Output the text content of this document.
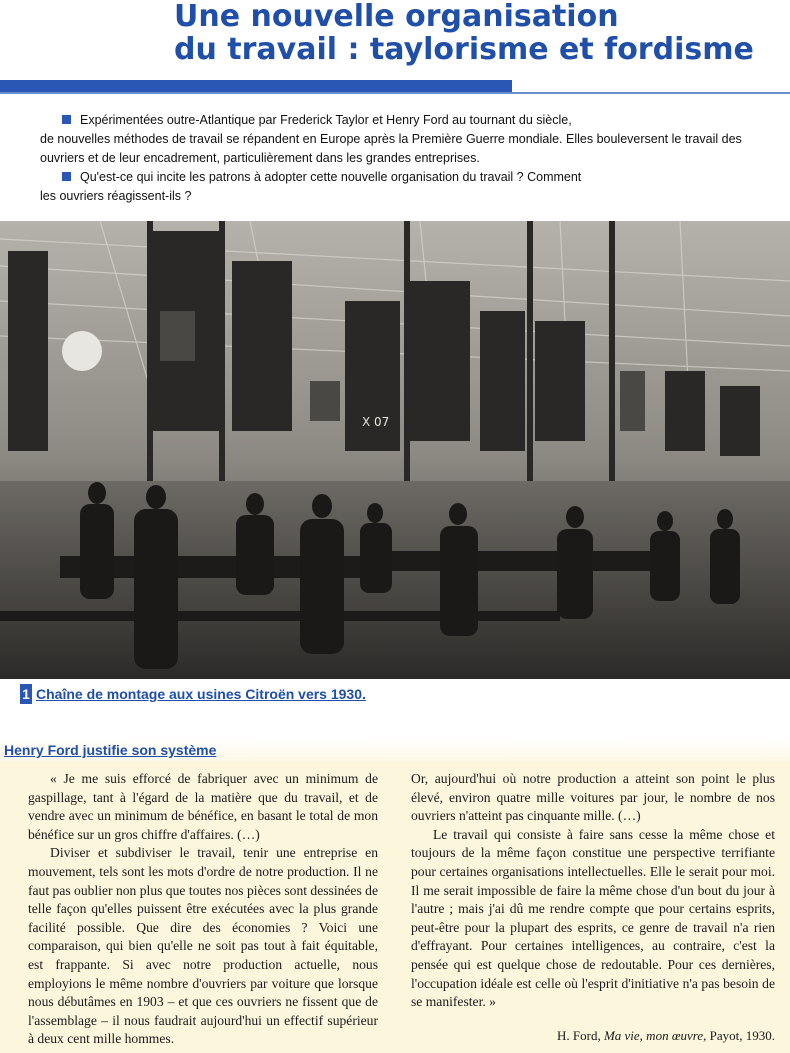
Une nouvelle organisation
du travail : taylorisme et fordisme

Expérimentées outre-Atlantique par Frederick Taylor et Henry Ford au tournant du siècle,

de nouvelles méthodes de travail se répandent en Europe après la Première Guerre mondiale. Elles bouleversent le travail des ouvriers et de leur encadrement, particulièrement dans les grandes entreprises.

Qu'est-ce qui incite les patrons à adopter cette nouvelle organisation du travail ? Comment

les ouvriers réagissent-ils ?

X 07
1 Chaîne de montage aux usines Citroën vers 1930.
Henry Ford justifie son système

« Je me suis efforcé de fabriquer avec un minimum de gaspillage, tant à l'égard de la matière que du travail, et de vendre avec un minimum de bénéfice, en basant le total de mon bénéfice sur un gros chiffre d'affaires. (…)

Diviser et subdiviser le travail, tenir une entreprise en mouvement, tels sont les mots d'ordre de notre production. Il ne faut pas oublier non plus que toutes nos pièces sont dessinées de telle façon qu'elles puissent être exécutées avec la plus grande facilité possible. Que dire des économies ? Voici une comparaison, qui bien qu'elle ne soit pas tout à fait équitable, est frappante. Si avec notre production actuelle, nous employions le même nombre d'ouvriers par voiture que lorsque nous débutâmes en 1903 – et que ces ouvriers ne fissent que de l'assemblage – il nous faudrait aujourd'hui un effectif supérieur à deux cent mille hommes.

Or, aujourd'hui où notre production a atteint son point le plus élevé, environ quatre mille voitures par jour, le nombre de nos ouvriers n'atteint pas cinquante mille. (…)

Le travail qui consiste à faire sans cesse la même chose et toujours de la même façon constitue une perspective terrifiante pour certaines organisations intellectuelles. Elle le serait pour moi. Il me serait impossible de faire la même chose d'un bout du jour à l'autre ; mais j'ai dû me rendre compte que pour certains esprits, peut-être pour la plupart des esprits, ce genre de travail n'a rien d'effrayant. Pour certaines intelligences, au contraire, c'est la pensée qui est quelque chose de redoutable. Pour ces dernières, l'occupation idéale est celle où l'esprit d'initiative n'a pas besoin de se manifester. »

H. Ford, Ma vie, mon œuvre, Payot, 1930.
